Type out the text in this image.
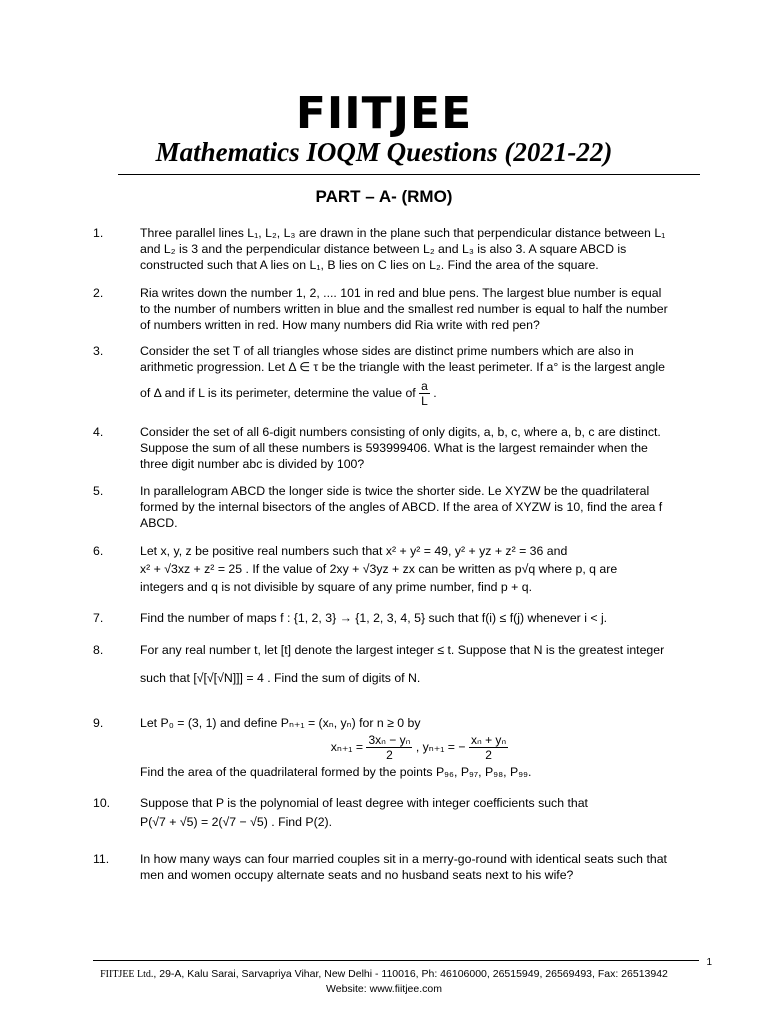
FIITJEE
Mathematics IOQM Questions (2021-22)
PART – A- (RMO)
1.	Three parallel lines L₁, L₂, L₃ are drawn in the plane such that perpendicular distance between L₁
and L₂ is 3 and the perpendicular distance between L₂ and L₃ is also 3. A square ABCD is
constructed such that A lies on L₁, B lies on C lies on L₂. Find the area of the square.
2.	Ria writes down the number 1, 2, .... 101 in red and blue pens. The largest blue number is equal
to the number of numbers written in blue and the smallest red number is equal to half the number
of numbers written in red. How many numbers did Ria write with red pen?
3.	Consider the set T of all triangles whose sides are distinct prime numbers which are also in
arithmetic progression. Let Δ ∈ τ be the triangle with the least perimeter. If a° is the largest angle
of Δ and if L is its perimeter, determine the value of $\frac{a}{L}$ .
4.	Consider the set of all 6-digit numbers consisting of only digits, a, b, c, where a, b, c are distinct.
Suppose the sum of all these numbers is 593999406. What is the largest remainder when the
three digit number abc is divided by 100?
5.	In parallelogram ABCD the longer side is twice the shorter side. Le XYZW be the quadrilateral
formed by the internal bisectors of the angles of ABCD. If the area of XYZW is 10, find the area f
ABCD.
6.	Let x, y, z be positive real numbers such that x² + y² = 49, y² + yz + z² = 36 and
x² + √3xz + z² = 25 . If the value of 2xy + √3yz + zx can be written as p√q where p, q are
integers and q is not divisible by square of any prime number, find p + q.
7.	Find the number of maps f : {1, 2, 3} → {1, 2, 3, 4, 5} such that f(i) ≤ f(j) whenever i < j.
8.	For any real number t, let [t] denote the largest integer ≤ t. Suppose that N is the greatest integer
such that [√[√[√N]]] = 4 . Find the sum of digits of N.
9.	Let P₀ = (3, 1) and define Pₙ₊₁ = (xₙ, yₙ) for n ≥ 0 by
$x_{n+1} = \frac{\text{3xₙ − yₙ}}{2}$ , yₙ₊₁ = − $\frac{\text{xₙ + yₙ}}{2}$
Find the area of the quadrilateral formed by the points P₉₆, P₉₇, P₉₈, P₉₉.
10. Suppose that P is the polynomial of least degree with integer coefficients such that
P(√7 + √5) = 2(√7 − √5) . Find P(2).
11.	In how many ways can four married couples sit in a merry-go-round with identical seats such that
men and women occupy alternate seats and no husband seats next to his wife?
1
FIITJEE Ltd., 29-A, Kalu Sarai, Sarvapriya Vihar, New Delhi - 110016, Ph: 46106000, 26515949, 26569493, Fax: 26513942
Website: www.fiitjee.com
